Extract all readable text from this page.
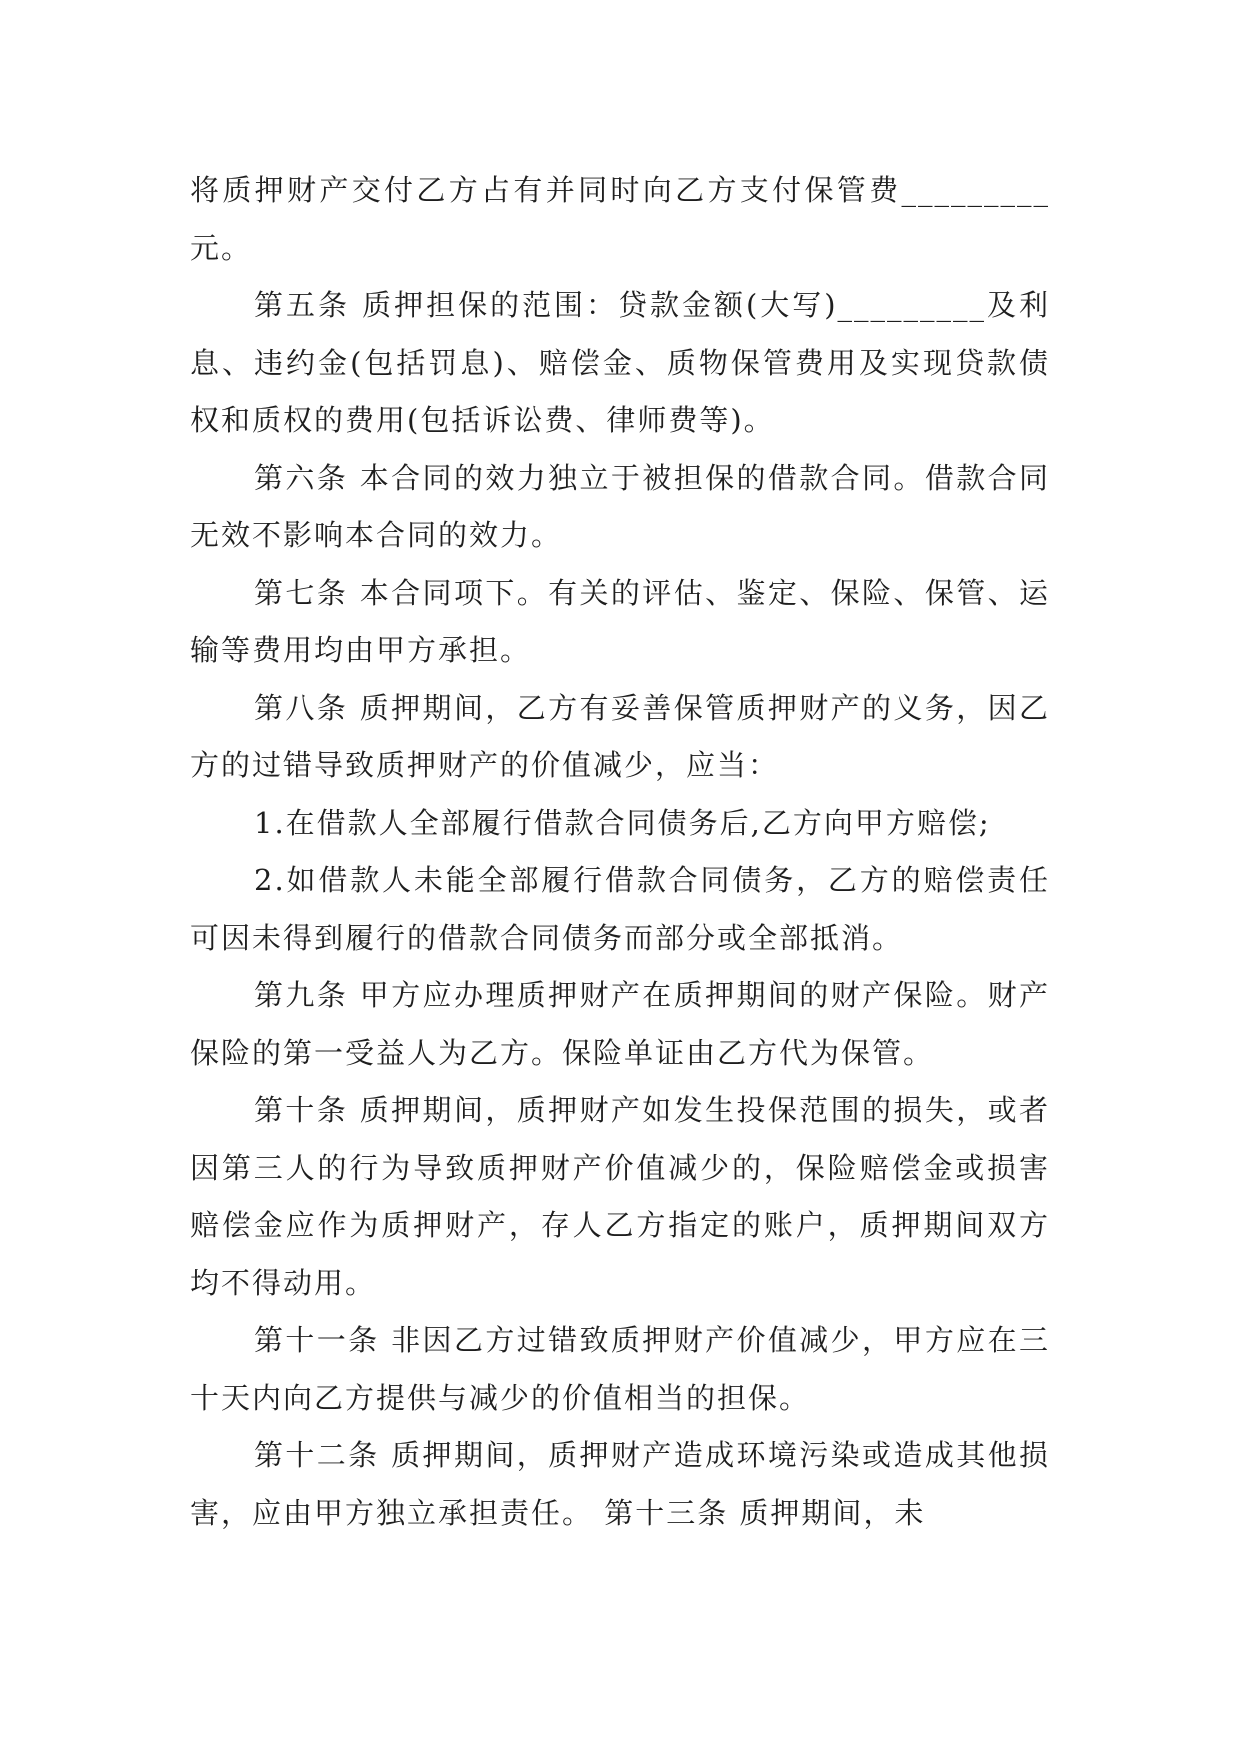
将质押财产交付乙方占有并同时向乙方支付保管费_________元。

第五条 质押担保的范围：贷款金额(大写)_________及利息、违约金(包括罚息)、赔偿金、质物保管费用及实现贷款债权和质权的费用(包括诉讼费、律师费等)。

第六条 本合同的效力独立于被担保的借款合同。借款合同无效不影响本合同的效力。

第七条 本合同项下。有关的评估、鉴定、保险、保管、运输等费用均由甲方承担。

第八条 质押期间，乙方有妥善保管质押财产的义务，因乙方的过错导致质押财产的价值减少，应当：

1.在借款人全部履行借款合同债务后,乙方向甲方赔偿;

2.如借款人未能全部履行借款合同债务，乙方的赔偿责任可因未得到履行的借款合同债务而部分或全部抵消。

第九条 甲方应办理质押财产在质押期间的财产保险。财产保险的第一受益人为乙方。保险单证由乙方代为保管。

第十条 质押期间，质押财产如发生投保范围的损失，或者因第三人的行为导致质押财产价值减少的，保险赔偿金或损害赔偿金应作为质押财产，存人乙方指定的账户，质押期间双方均不得动用。

第十一条 非因乙方过错致质押财产价值减少，甲方应在三十天内向乙方提供与减少的价值相当的担保。

第十二条 质押期间，质押财产造成环境污染或造成其他损害，应由甲方独立承担责任。 第十三条 质押期间，未
